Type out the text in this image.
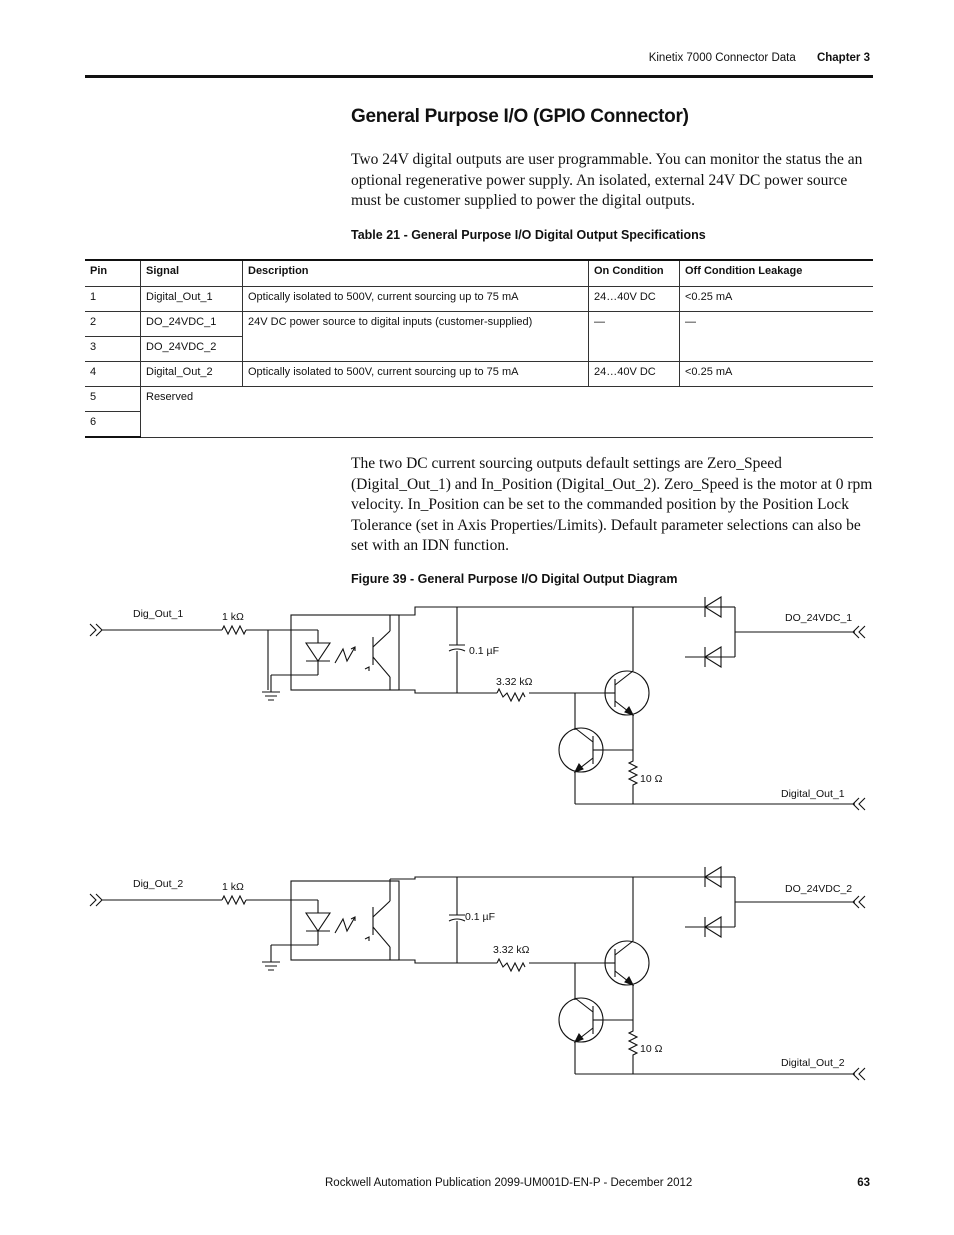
Kinetix 7000 Connector Data Chapter 3
General Purpose I/O (GPIO Connector)
Two 24V digital outputs are user programmable. You can monitor the status the an optional regenerative power supply. An isolated, external 24V DC power source must be customer supplied to power the digital outputs.
Table 21 - General Purpose I/O Digital Output Specifications
Pin	Signal	Description	On Condition	Off Condition Leakage
1	Digital_Out_1	Optically isolated to 500V, current sourcing up to 75 mA	24…40V DC	<0.25 mA
2	DO_24VDC_1	24V DC power source to digital inputs (customer-supplied)	—	—
3	DO_24VDC_2			
4	Digital_Out_2	Optically isolated to 500V, current sourcing up to 75 mA	24…40V DC	<0.25 mA
5	Reserved			
6				
The two DC current sourcing outputs default settings are Zero_Speed (Digital_Out_1) and In_Position (Digital_Out_2). Zero_Speed is the motor at 0 rpm velocity. In_Position can be set to the commanded position by the Position Lock Tolerance (set in Axis Properties/Limits). Default parameter selections can also be set with an IDN function.
Figure 39 - General Purpose I/O Digital Output Diagram
Dig_Out_1	1 kΩ
0.1 µF
3.32 kΩ
10 Ω
DO_24VDC_1
Digital_Out_1
Dig_Out_2	1 kΩ
0.1 µF
3.32 kΩ
10 Ω
DO_24VDC_2
Digital_Out_2
Rockwell Automation Publication 2099-UM001D-EN-P - December 2012	63
